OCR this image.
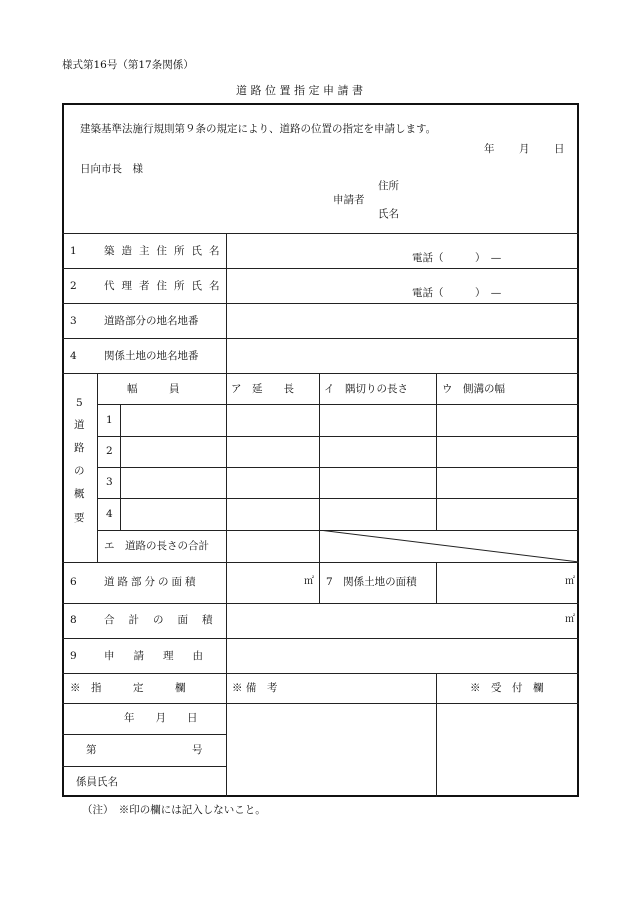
様式第16号（第17条関係）
道 路 位 置 指 定 申 請 書
建築基準法施行規則第９条の規定により、道路の位置の指定を申請します。
年 月 日
日向市長　様
住所
申請者
氏名
1	築造主住所氏名
電話（　　　）　—
2	代理者住所氏名
電話（　　　）　—
3	道路部分の地名地番
4	関係土地の地名地番
5
道
路
の
概
要
幅　　　員	ア　延　　長	イ　隅切りの長さ	ウ　側溝の幅
1
2
3
4
エ　道路の長さの合計
6	道路部分の面積	㎡ 7　関係土地の面積	㎡
8	合計の面積	㎡
9	申請理由
※　指　　　定　　　欄	※ 備　考	※　受　付　欄
年　　月　　日
第	号
係員氏名
（注）　※印の欄には記入しないこと。
